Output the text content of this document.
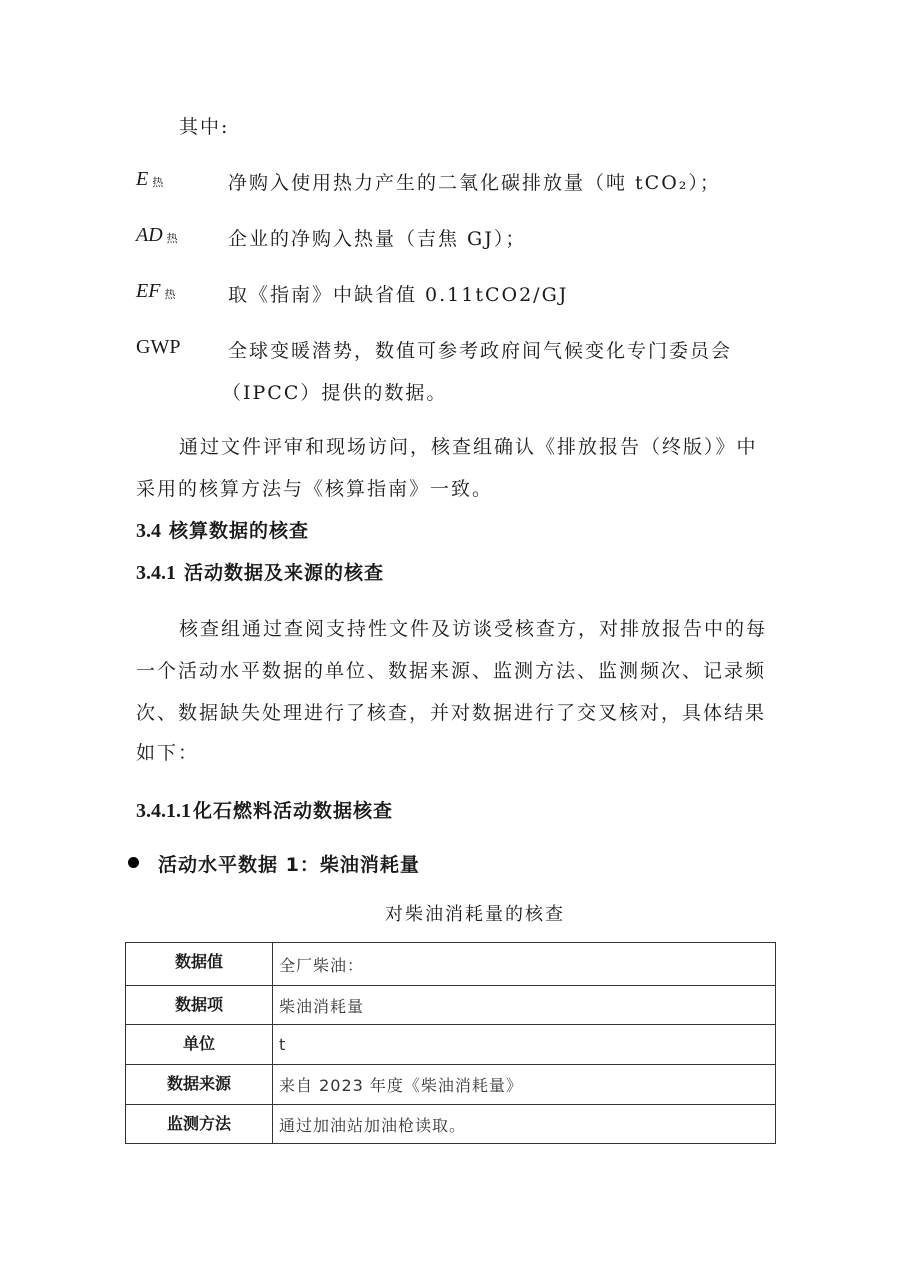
其中:
E热	净购入使用热力产生的二氧化碳排放量（吨 tCO₂）；
AD 热	企业的净购入热量（吉焦 GJ）；
EF 热	取《指南》中缺省值 0.11tCO2/GJ
GWP	全球变暖潜势，数值可参考政府间气候变化专门委员会
（IPCC）提供的数据。
通过文件评审和现场访问，核查组确认《排放报告（终版）》中
采用的核算方法与《核算指南》一致。
3.4 核算数据的核查
3.4.1 活动数据及来源的核查
核查组通过查阅支持性文件及访谈受核查方，对排放报告中的每
一个活动水平数据的单位、数据来源、监测方法、监测频次、记录频
次、数据缺失处理进行了核查，并对数据进行了交叉核对，具体结果
如下：
3.4.1.1 化石燃料活动数据核查
活动水平数据 1：柴油消耗量
对柴油消耗量的核查
数据值	全厂柴油：
数据项	柴油消耗量
单位	t
数据来源	来自 2023 年度《柴油消耗量》
监测方法	通过加油站加油枪读取。
